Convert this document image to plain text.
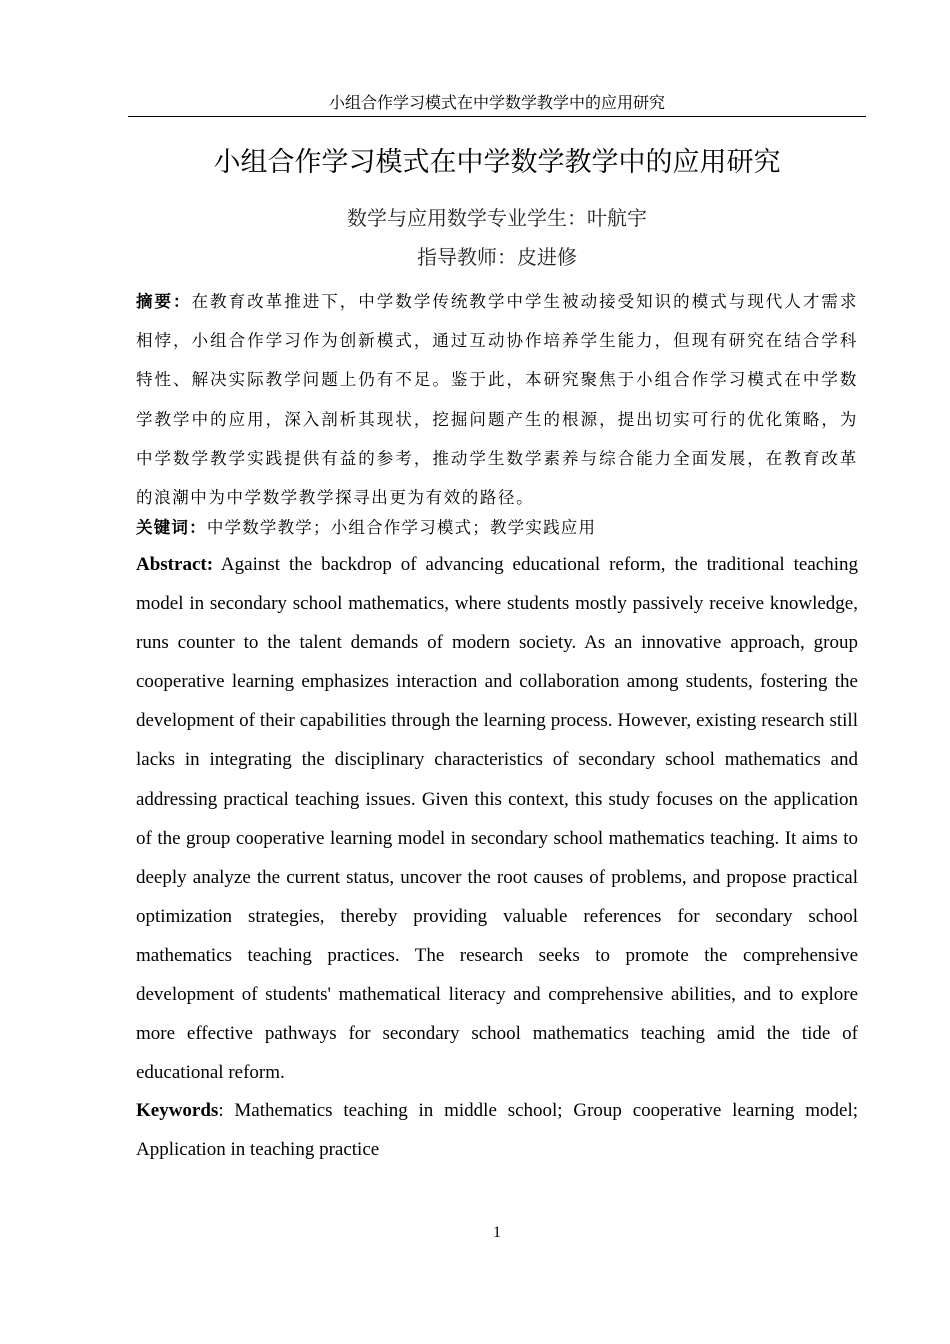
小组合作学习模式在中学数学教学中的应用研究
小组合作学习模式在中学数学教学中的应用研究
数学与应用数学专业学生：叶航宇
指导教师：皮进修

摘要：在教育改革推进下，中学数学传统教学中学生被动接受知识的模式与现代人才需求相悖，小组合作学习作为创新模式，通过互动协作培养学生能力，但现有研究在结合学科特性、解决实际教学问题上仍有不足。鉴于此，本研究聚焦于小组合作学习模式在中学数学教学中的应用，深入剖析其现状，挖掘问题产生的根源，提出切实可行的优化策略，为中学数学教学实践提供有益的参考，推动学生数学素养与综合能力全面发展，在教育改革的浪潮中为中学数学教学探寻出更为有效的路径。

关键词：中学数学教学；小组合作学习模式；教学实践应用

Abstract: Against the backdrop of advancing educational reform, the traditional teaching model in secondary school mathematics, where students mostly passively receive knowledge, runs counter to the talent demands of modern society. As an innovative approach, group cooperative learning emphasizes interaction and collaboration among students, fostering the development of their capabilities through the learning process. However, existing research still lacks in integrating the disciplinary characteristics of secondary school mathematics and addressing practical teaching issues. Given this context, this study focuses on the application of the group cooperative learning model in secondary school mathematics teaching. It aims to deeply analyze the current status, uncover the root causes of problems, and propose practical optimization strategies, thereby providing valuable references for secondary school mathematics teaching practices. The research seeks to promote the comprehensive development of students' mathematical literacy and comprehensive abilities, and to explore more effective pathways for secondary school mathematics teaching amid the tide of educational reform.

Keywords: Mathematics teaching in middle school; Group cooperative learning model; Application in teaching practice

1
